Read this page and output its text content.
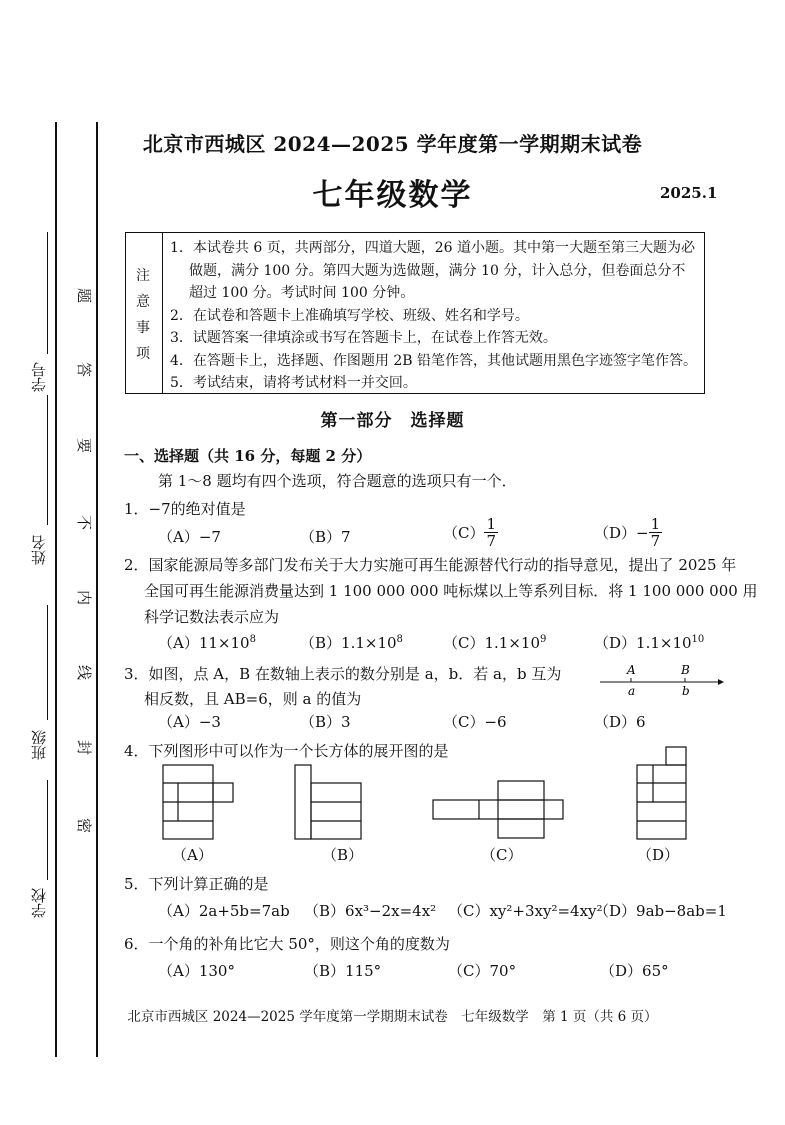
学校
班级
姓名
学号
密
封
线
内
不
要
答
题
北京市西城区 2024—2025 学年度第一学期期末试卷
七年级数学	2025.1
注
意
事
项
1．本试卷共 6 页，共两部分，四道大题，26 道小题。其中第一大题至第三大题为必做题，满分 100 分。第四大题为选做题，满分 10 分，计入总分，但卷面总分不超过 100 分。考试时间 100 分钟。
2．在试卷和答题卡上准确填写学校、班级、姓名和学号。
3．试题答案一律填涂或书写在答题卡上，在试卷上作答无效。
4．在答题卡上，选择题、作图题用 2B 铅笔作答，其他试题用黑色字迹签字笔作答。
5．考试结束，请将考试材料一并交回。
第一部分　选择题
一、选择题（共 16 分，每题 2 分）
第 1～8 题均有四个选项，符合题意的选项只有一个．
1．−7的绝对值是
（A）−7	（B）7	$(C) \frac{1}{7}$	$(D)- \frac{1}{7}$
2．国家能源局等多部门发布关于大力实施可再生能源替代行动的指导意见，提出了 2025 年
全国可再生能源消费量达到 1 100 000 000 吨标煤以上等系列目标．将 1 100 000 000 用
科学记数法表示应为
$(A)11\times 10^8$	$(B)1.1\times 10^8$	$(C)1.1\times 10^9$	$(D)1.1\times 10^{10}$
3．如图，点 A，B 在数轴上表示的数分别是 a，b．若 a，b 互为
相反数，且 AB=6，则 a 的值为
（A）−3	（B）3	（C）−6	（D）6
A	B
a	b
4．下列图形中可以作为一个长方体的展开图的是
（A）	（B）	（C）	（D）
5．下列计算正确的是
（A）2a+5b=7ab （B）6x³−2x=4x² （C）xy²+3xy²=4xy²
（D）9ab−8ab=1
6．一个角的补角比它大 50°，则这个角的度数为
（A）130°	（B）115°	（C）70°	（D）65°
北京市西城区 2024—2025 学年度第一学期期末试卷　七年级数学　第 1 页（共 6 页）
